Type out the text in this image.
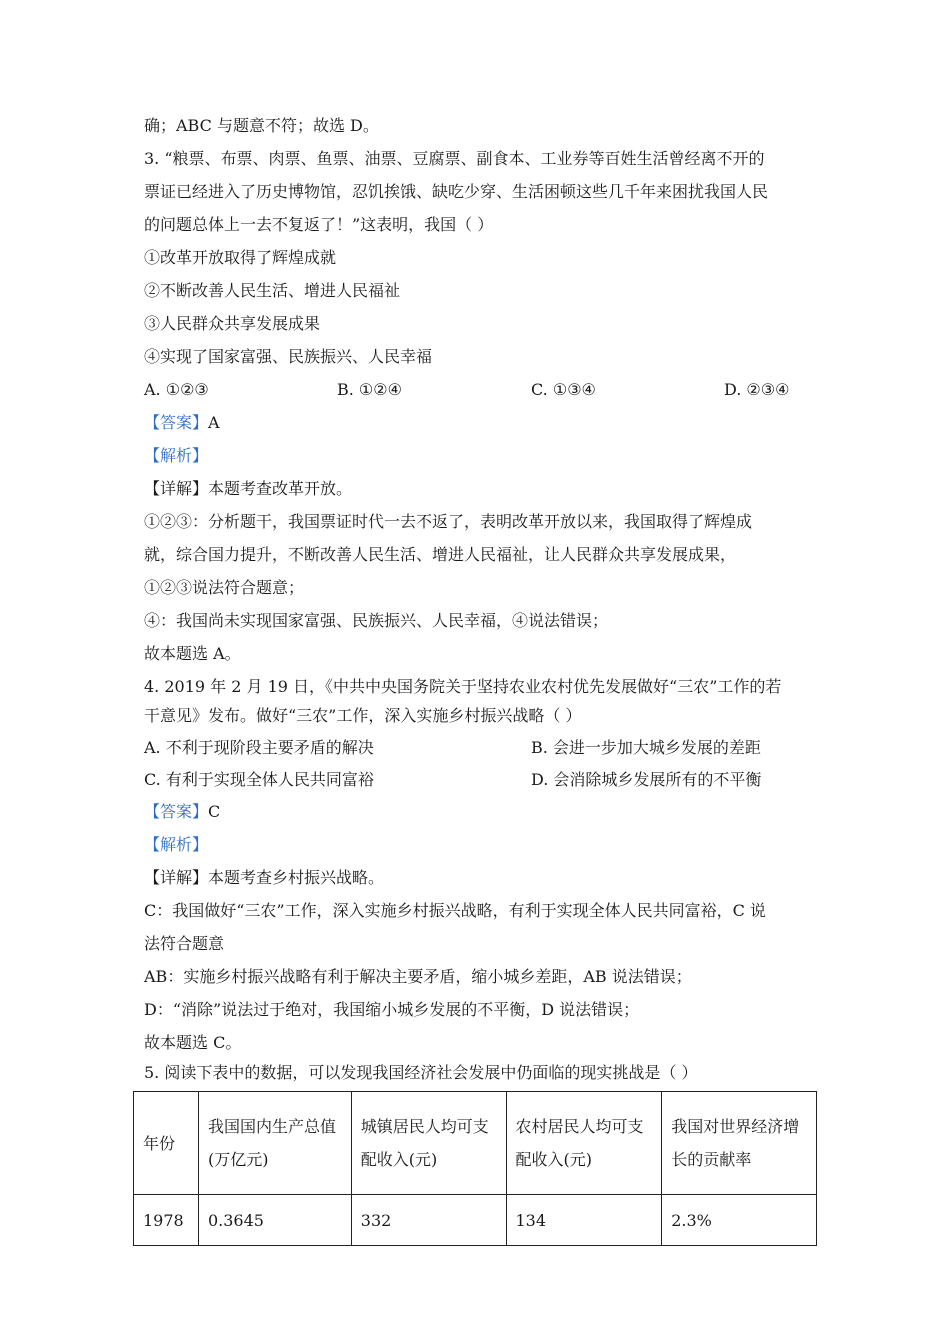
确；ABC 与题意不符；故选 D。
3. “粮票、布票、肉票、鱼票、油票、豆腐票、副食本、工业券等百姓生活曾经离不开的
票证已经进入了历史博物馆，忍饥挨饿、缺吃少穿、生活困顿这些几千年来困扰我国人民
的问题总体上一去不复返了！”这表明，我国（ ）
①改革开放取得了辉煌成就
②不断改善人民生活、增进人民福祉
③人民群众共享发展成果
④实现了国家富强、民族振兴、人民幸福
A. ①②③	B. ①②④	C. ①③④	D. ②③④
【答案】A
【解析】
【详解】本题考查改革开放。
①②③：分析题干，我国票证时代一去不返了，表明改革开放以来，我国取得了辉煌成
就，综合国力提升，不断改善人民生活、增进人民福祉，让人民群众共享发展成果，
①②③说法符合题意；
④：我国尚未实现国家富强、民族振兴、人民幸福，④说法错误；
故本题选 A。
4. 2019 年 2 月 19 日，《中共中央国务院关于坚持农业农村优先发展做好“三农”工作的若
干意见》发布。做好“三农”工作，深入实施乡村振兴战略（ ）
A. 不利于现阶段主要矛盾的解决	B. 会进一步加大城乡发展的差距
C. 有利于实现全体人民共同富裕	D. 会消除城乡发展所有的不平衡
【答案】C
【解析】
【详解】本题考查乡村振兴战略。
C：我国做好“三农”工作，深入实施乡村振兴战略，有利于实现全体人民共同富裕，C 说
法符合题意
AB：实施乡村振兴战略有利于解决主要矛盾，缩小城乡差距，AB 说法错误；
D：“消除”说法过于绝对，我国缩小城乡发展的不平衡，D 说法错误；
故本题选 C。
5. 阅读下表中的数据，可以发现我国经济社会发展中仍面临的现实挑战是（ ）
年份	我国国内生产总值(万亿元)	城镇居民人均可支配收入(元)	农村居民人均可支配收入(元)	我国对世界经济增长的贡献率
1978	0.3645	332	134	2.3%
